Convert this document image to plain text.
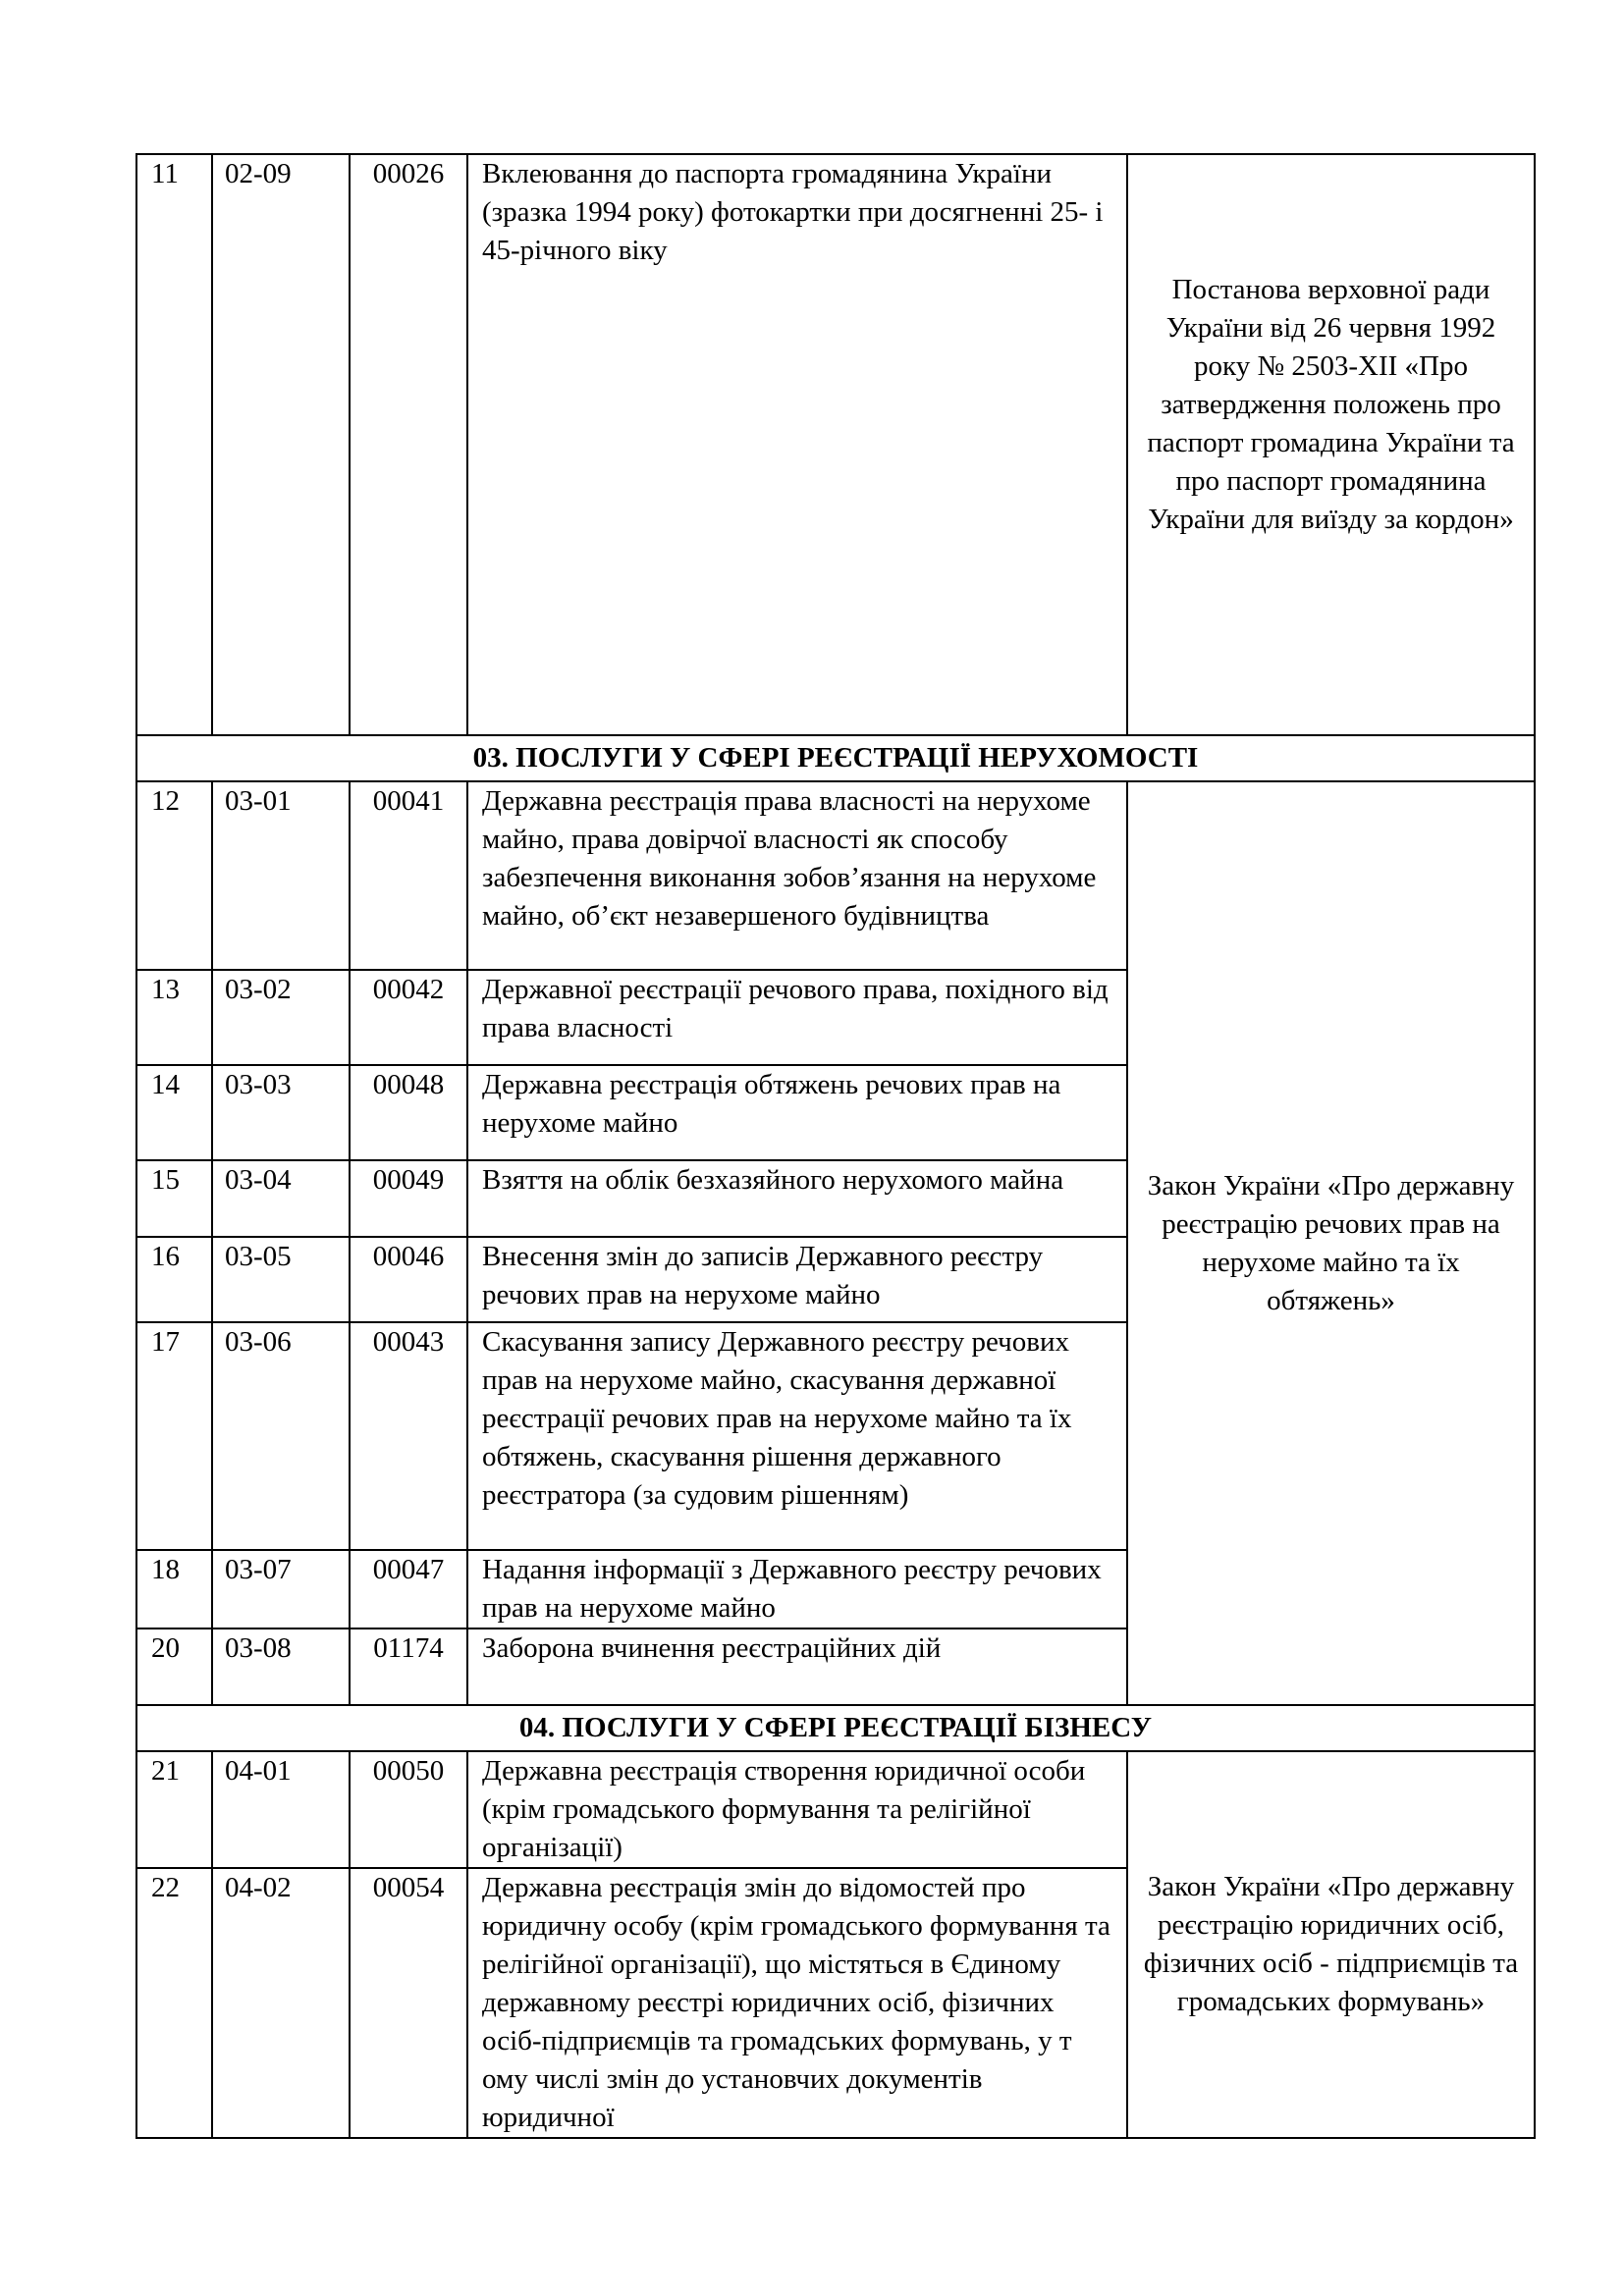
11	02-09	00026	Вклеювання до паспорта громадянина України (зразка 1994 року) фотокартки при досягненні 25- і 45-річного віку	Постанова верховної ради України від 26 червня 1992 року № 2503-XII «Про затвердження положень про паспорт громадина України та про паспорт громадянина України для виїзду за кордон»
03. ПОСЛУГИ У СФЕРІ РЕЄСТРАЦІЇ НЕРУХОМОСТІ				
12	03-01	00041	Державна реєстрація права власності на нерухоме майно, права довірчої власності як способу забезпечення виконання зобов’язання на нерухоме майно, об’єкт незавершеного будівництва	Закон України «Про державну реєстрацію речових прав на нерухоме майно та їх обтяжень»
13	03-02	00042	Державної реєстрації речового права, похідного від права власності	
14	03-03	00048	Державна реєстрація обтяжень речових прав на нерухоме майно	
15	03-04	00049	Взяття на облік безхазяйного нерухомого майна	
16	03-05	00046	Внесення змін до записів Державного реєстру речових прав на нерухоме майно	
17	03-06	00043	Скасування запису Державного реєстру речових прав на нерухоме майно, скасування державної реєстрації речових прав на нерухоме майно та їх обтяжень, скасування рішення державного реєстратора (за судовим рішенням)	
18	03-07	00047	Надання інформації з Державного реєстру речових прав на нерухоме майно	
20	03-08	01174	Заборона вчинення реєстраційних дій	
04. ПОСЛУГИ У СФЕРІ РЕЄСТРАЦІЇ БІЗНЕСУ				
21	04-01	00050	Державна реєстрація створення юридичної особи (крім громадського формування та релігійної організації)	Закон України «Про державну реєстрацію юридичних осіб, фізичних осіб - підприємців та громадських формувань»
22	04-02	00054	Державна реєстрація змін до відомостей про юридичну особу (крім громадського формування та релігійної організації), що містяться в Єдиному державному реєстрі юридичних осіб, фізичних осіб-підприємців та громадських формувань, у т ому числі змін до установчих документів юридичної	
